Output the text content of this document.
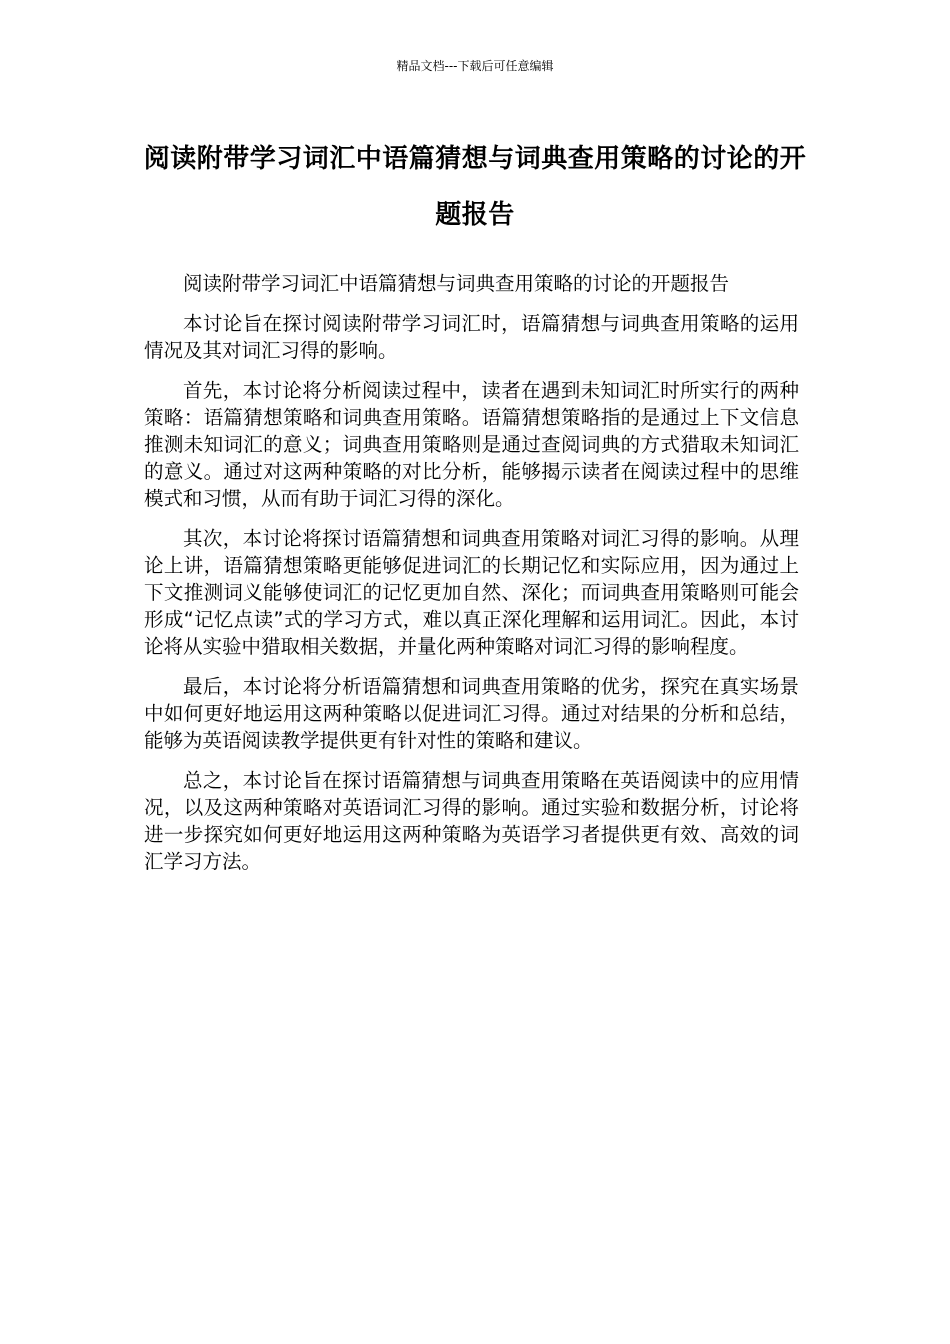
精品文档---下载后可任意编辑
阅读附带学习词汇中语篇猜想与词典查用策略的讨论的开题报告

阅读附带学习词汇中语篇猜想与词典查用策略的讨论的开题报告

本讨论旨在探讨阅读附带学习词汇时，语篇猜想与词典查用策略的运用情况及其对词汇习得的影响。

首先，本讨论将分析阅读过程中，读者在遇到未知词汇时所实行的两种策略：语篇猜想策略和词典查用策略。语篇猜想策略指的是通过上下文信息推测未知词汇的意义；词典查用策略则是通过查阅词典的方式猎取未知词汇的意义。通过对这两种策略的对比分析，能够揭示读者在阅读过程中的思维模式和习惯，从而有助于词汇习得的深化。

其次，本讨论将探讨语篇猜想和词典查用策略对词汇习得的影响。从理论上讲，语篇猜想策略更能够促进词汇的长期记忆和实际应用，因为通过上下文推测词义能够使词汇的记忆更加自然、深化；而词典查用策略则可能会形成“记忆点读”式的学习方式，难以真正深化理解和运用词汇。因此，本讨论将从实验中猎取相关数据，并量化两种策略对词汇习得的影响程度。

最后，本讨论将分析语篇猜想和词典查用策略的优劣，探究在真实场景中如何更好地运用这两种策略以促进词汇习得。通过对结果的分析和总结，能够为英语阅读教学提供更有针对性的策略和建议。

总之，本讨论旨在探讨语篇猜想与词典查用策略在英语阅读中的应用情况，以及这两种策略对英语词汇习得的影响。通过实验和数据分析，讨论将进一步探究如何更好地运用这两种策略为英语学习者提供更有效、高效的词汇学习方法。
